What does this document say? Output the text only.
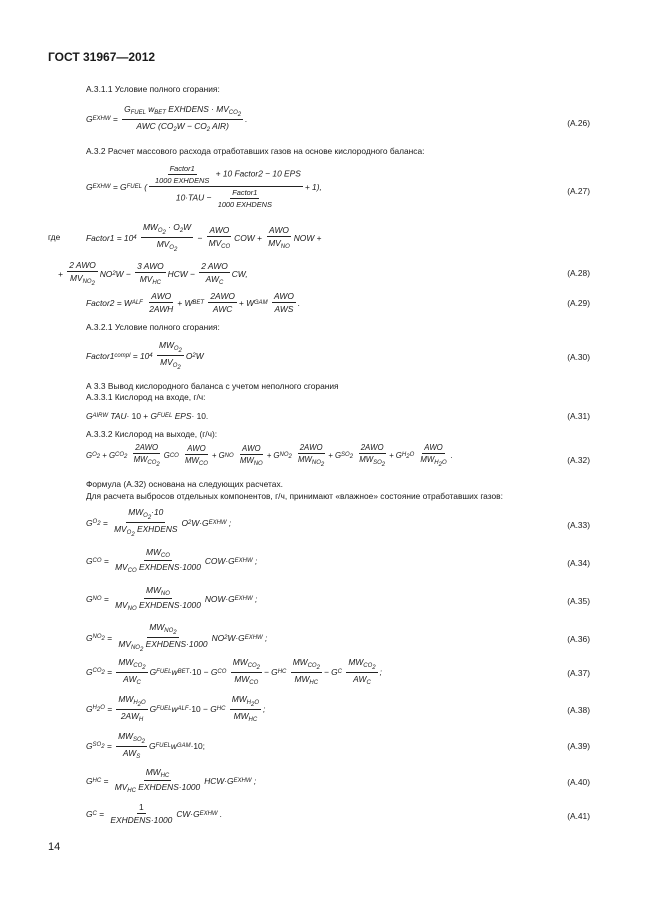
ГОСТ 31967—2012
А.3.1.1 Условие полного сгорания:
G EXHW = $\frac{G_{FUEL} w_{BET} EXHDENS \cdot MV_{CO_2}}{AWC (CO_2W - CO_2 AIR)}$ .	(А.26)
А.3.2 Расчет массового расхода отработавших газов на основе кислородного баланса:
G EXHW = G FUEL ( $\frac{\frac{\text{Factor1}}{\text{1000 EXHDENS}} + 10 Factor2 - 10 EPS}{10\cdot TAU - \frac{\text{Factor1}}{\text{1000 EXHDENS}}} + 1$),	(А.27)
где	Factor1 = 10 4
$\frac{MW_{O_2} \cdot O_2W}{MV_{O_2}} - \frac{\text{AWO}}{MV_{CO}}$ COW + $\frac{\text{AWO}}{MV_{NO}}$ NOW +
+ $\frac{\text{2 AWO}}{MV_{NO_2}}$ NO 2 $W - \frac{\text{3 AWO}}{MV_{HC}}$ HCW − $\frac{\text{2 AWO}}{AW_C}$ CW,	(А.28)
Factor2 = W ALF
$\frac{\text{AWO}}{\text{2AWH}} + W$ BET
$\frac{\text{2AWO}}{\text{AWC}} + W$ GAM
$\frac{\text{AWO}}{\text{AWS}}$ .	(А.29)
А.3.2.1 Условие полного сгорания:
Factor1 compl = 10 4
$\frac{MW_{O_2}}{MV_{O_2}}$ O 2 W	(А.30)
А 3.3 Вывод кислородного баланса с учетом неполного сгорания
А.3.3.1 Кислород на входе, г/ч:
G AIRW TAU · 10 + G FUEL EPS · 10.	(А.31)
А.3.3.2 Кислород на выходе, (г/ч):
G $O_2 + G$ $CO_2$
$\frac{\text{2AWO}}{MW_{CO_2}}$ G CO
$\frac{\text{AWO}}{MW_{CO}} + G$ NO
$\frac{\text{AWO}}{MW_{NO}} + G$ $NO_2$
$\frac{\text{2AWO}}{MW_{NO_2}} + G$ $SO_2$
$\frac{\text{2AWO}}{MW_{SO_2}} + G$ $H_2O$
$\frac{\text{AWO}}{MW_{H_2O}}$ .	(А.32)
Формула (А.32) основана на следующих расчетах.
Для расчета выбросов отдельных компонентов, г/ч, принимают «влажное» состояние отработавших газов:
G $O_2 = \frac{MW_{O_2}\cdot 10}{MV_{O_2} EXHDENS}$ O 2 W·G EXHW ;	(А.33)
G CO = $\frac{MW_{CO}}{MV_{CO} EXHDENS\cdot 1000} COW\cdot G$ EXHW ;	(А.34)
G NO = $\frac{MW_{NO}}{MV_{NO} EXHDENS\cdot 1000} NOW\cdot G$ EXHW ;	(А.35)
G $NO_2 = \frac{MW_{NO_2}}{MV_{NO_2} EXHDENS\cdot 1000}$ NO 2 W·G EXHW ;	(А.36)
G $CO_2 = \frac{MW_{CO_2}}{AW_C}$ G FUEL w BET ·10 − G CO
$\frac{MW_{CO_2}}{MW_{CO}} - G$ HC
$\frac{MW_{CO_2}}{MW_{HC}} - G$ C
$\frac{MW_{CO_2}}{AW_C}$ ;	(А.37)
G $H_2O = \frac{MW_{H_2O}}{2AW_H}$ G FUEL w ALF ·10 − G HC
$\frac{MW_{H_2O}}{MW_{HC}}$ ;	(А.38)
G $SO_2 = \frac{MW_{SO_2}}{AW_S}$ G FUEL w GAM ·10;	(А.39)
G HC = $\frac{MW_{HC}}{MV_{HC} EXHDENS\cdot 1000} HCW\cdot G$ EXHW ;	(А.40)
G $C = \frac{1}{\text{EXHDENS·1000}} CW\cdot G$ EXHW .	(А.41)
14
